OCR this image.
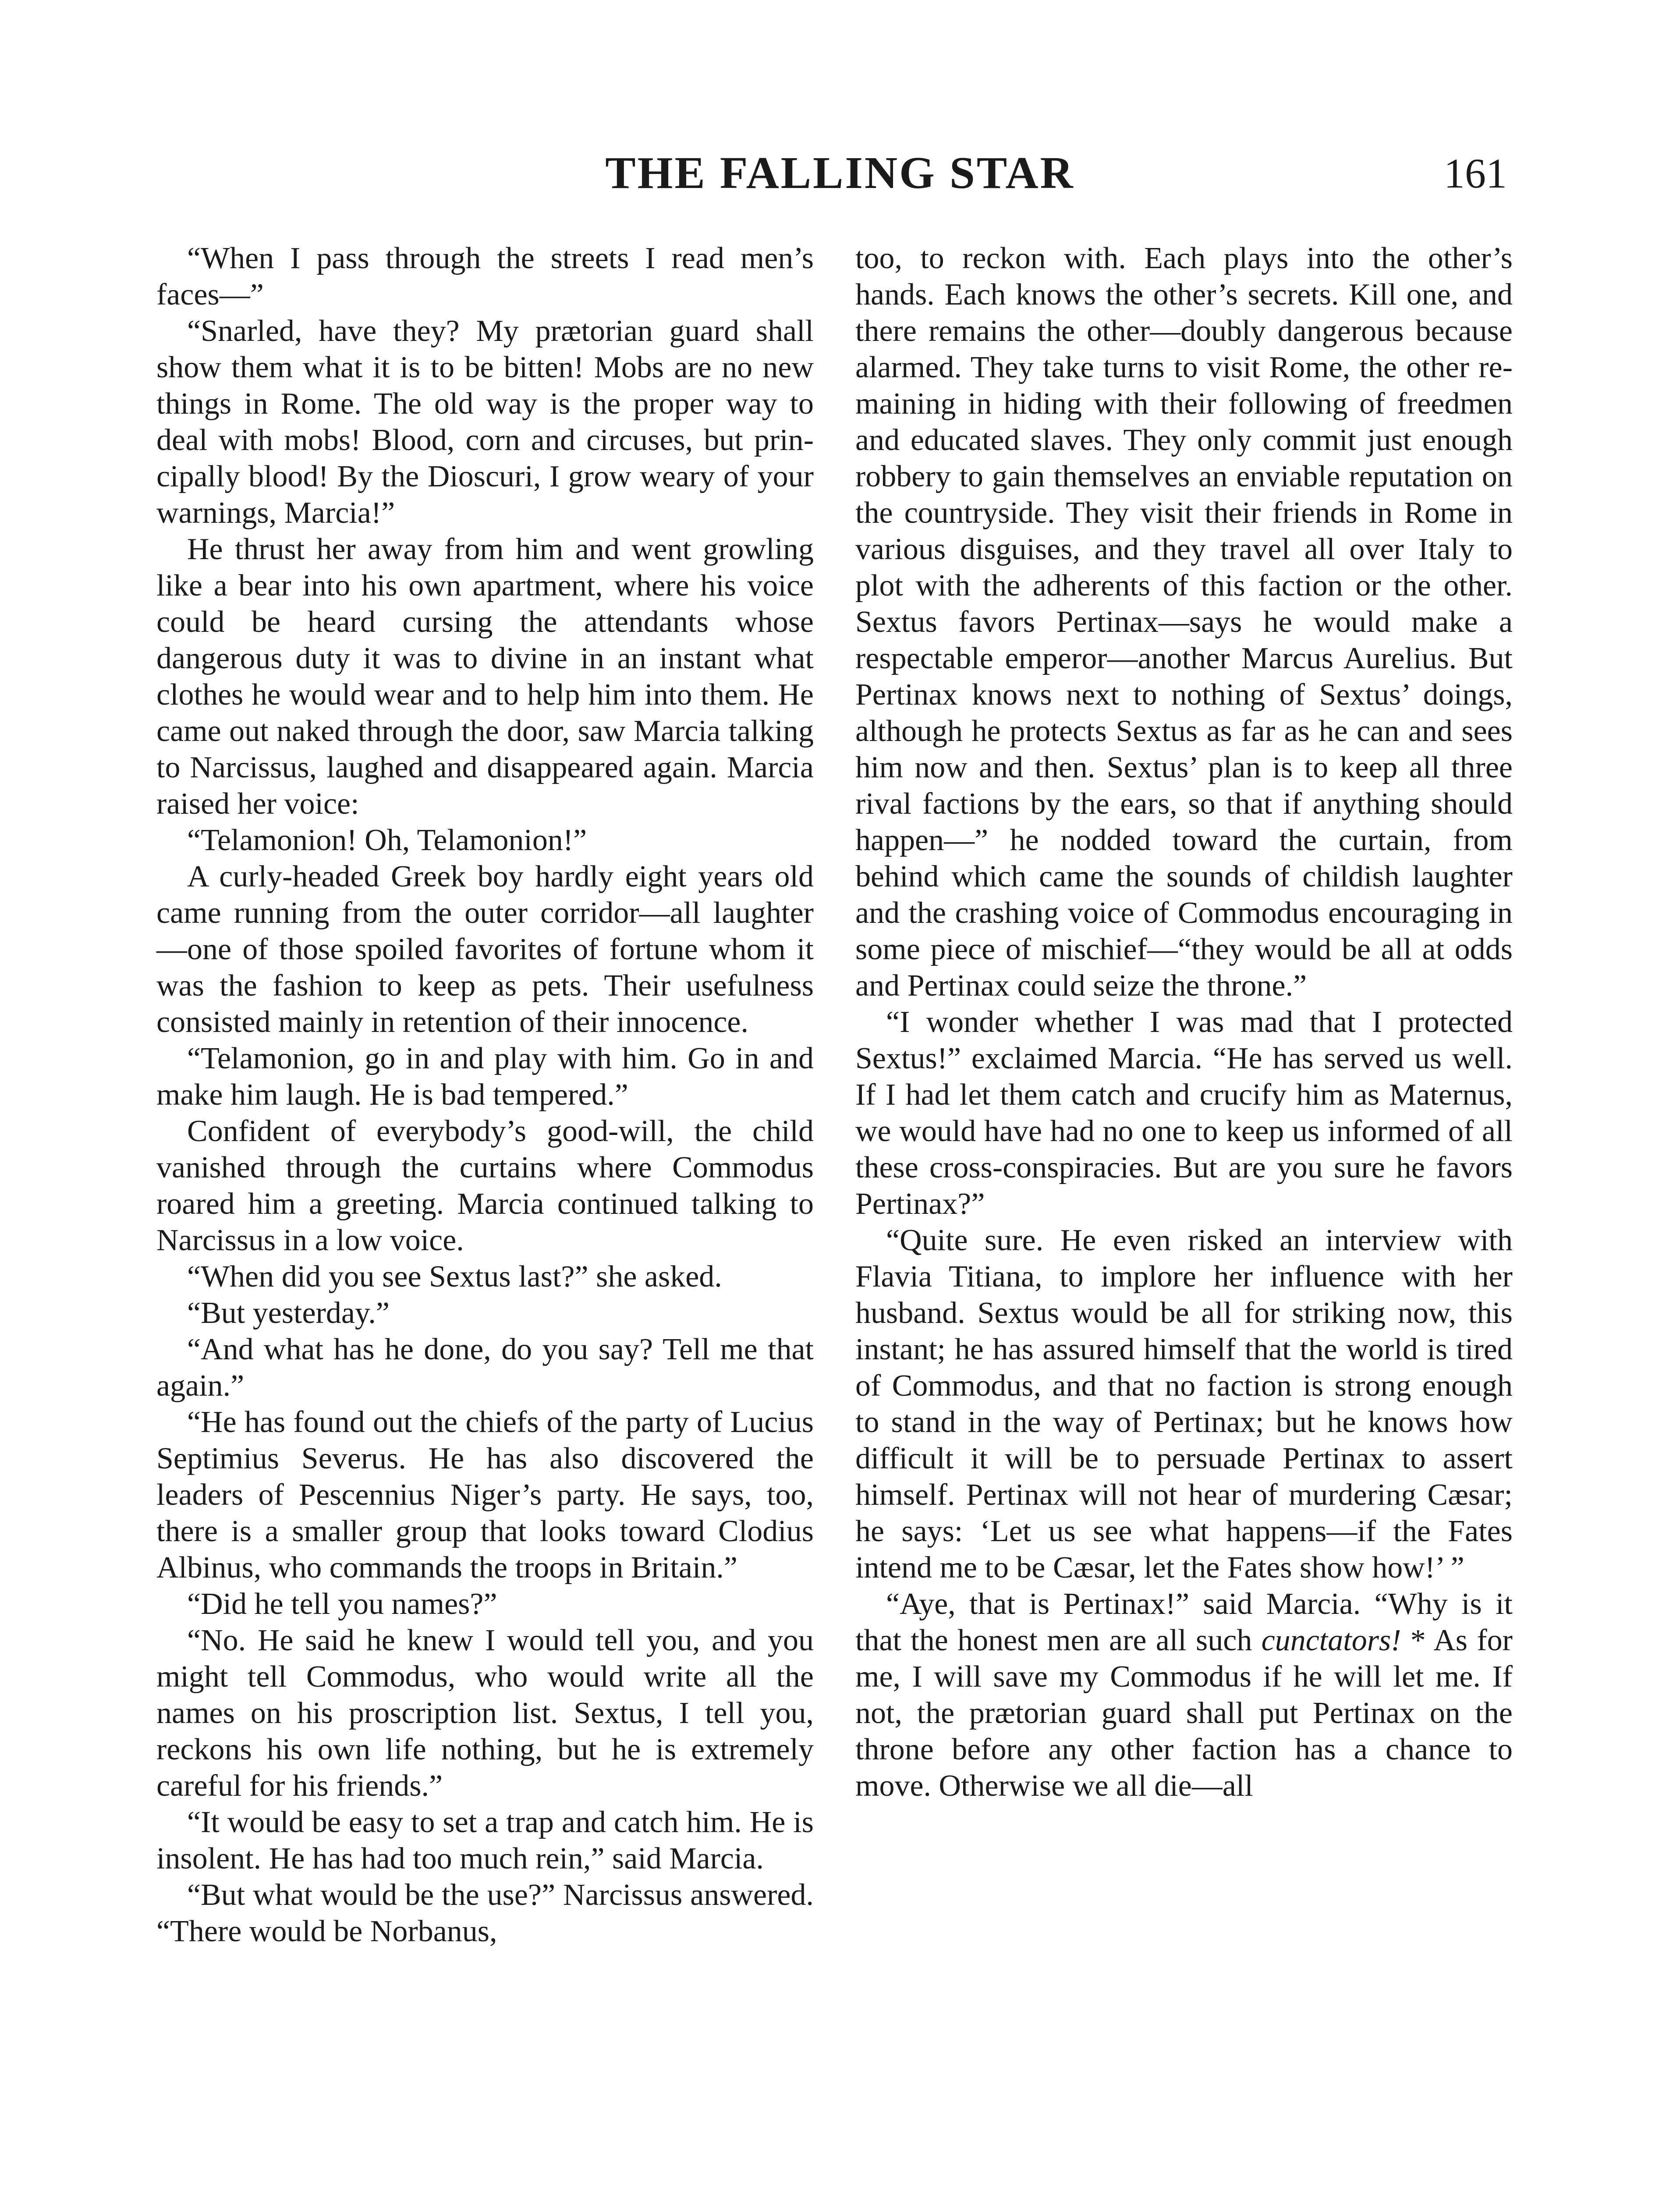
THE FALLING STAR	161

“When I pass through the streets I read men’s faces—”

“Snarled, have they? My prætorian guard shall show them what it is to be bitten! Mobs are no new things in Rome. The old way is the proper way to deal with mobs! Blood, corn and circuses, but principally blood! By the Dioscuri, I grow weary of your warnings, Marcia!”

He thrust her away from him and went growling like a bear into his own apartment, where his voice could be heard cursing the attendants whose dangerous duty it was to divine in an instant what clothes he would wear and to help him into them. He came out naked through the door, saw Marcia talking to Narcissus, laughed and disappeared again. Marcia raised her voice:

“Telamonion! Oh, Telamonion!”

A curly-headed Greek boy hardly eight years old came running from the outer corridor—all laughter—one of those spoiled favorites of fortune whom it was the fashion to keep as pets. Their usefulness consisted mainly in retention of their innocence.

“Telamonion, go in and play with him. Go in and make him laugh. He is bad tempered.”

Confident of everybody’s good-will, the child vanished through the curtains where Commodus roared him a greeting. Marcia continued talking to Narcissus in a low voice.

“When did you see Sextus last?” she asked.

“But yesterday.”

“And what has he done, do you say? Tell me that again.”

“He has found out the chiefs of the party of Lucius Septimius Severus. He has also discovered the leaders of Pescennius Niger’s party. He says, too, there is a smaller group that looks toward Clodius Albinus, who commands the troops in Britain.”

“Did he tell you names?”

“No. He said he knew I would tell you, and you might tell Commodus, who would write all the names on his proscription list. Sextus, I tell you, reckons his own life nothing, but he is extremely careful for his friends.”

“It would be easy to set a trap and catch him. He is insolent. He has had too much rein,” said Marcia.

“But what would be the use?” Narcissus answered. “There would be Norbanus,

too, to reckon with. Each plays into the other’s hands. Each knows the other’s secrets. Kill one, and there remains the other—doubly dangerous because alarmed. They take turns to visit Rome, the other remaining in hiding with their following of freedmen and educated slaves. They only commit just enough robbery to gain themselves an enviable reputation on the countryside. They visit their friends in Rome in various disguises, and they travel all over Italy to plot with the adherents of this faction or the other. Sextus favors Pertinax—says he would make a respectable emperor—another Marcus Aurelius. But Pertinax knows next to nothing of Sextus’ doings, although he protects Sextus as far as he can and sees him now and then. Sextus’ plan is to keep all three rival factions by the ears, so that if anything should happen—” he nodded toward the curtain, from behind which came the sounds of childish laughter and the crashing voice of Commodus encouraging in some piece of mischief—“they would be all at odds and Pertinax could seize the throne.”

“I wonder whether I was mad that I protected Sextus!” exclaimed Marcia. “He has served us well. If I had let them catch and crucify him as Maternus, we would have had no one to keep us informed of all these cross-conspiracies. But are you sure he favors Pertinax?”

“Quite sure. He even risked an interview with Flavia Titiana, to implore her influence with her husband. Sextus would be all for striking now, this instant; he has assured himself that the world is tired of Commodus, and that no faction is strong enough to stand in the way of Pertinax; but he knows how difficult it will be to persuade Pertinax to assert himself. Pertinax will not hear of murdering Cæsar; he says: ‘Let us see what happens—if the Fates intend me to be Cæsar, let the Fates show how!’ ”

“Aye, that is Pertinax!” said Marcia. “Why is it that the honest men are all such cunctators! * As for me, I will save my Commodus if he will let me. If not, the prætorian guard shall put Pertinax on the throne before any other faction has a chance to move. Otherwise we all die—all
